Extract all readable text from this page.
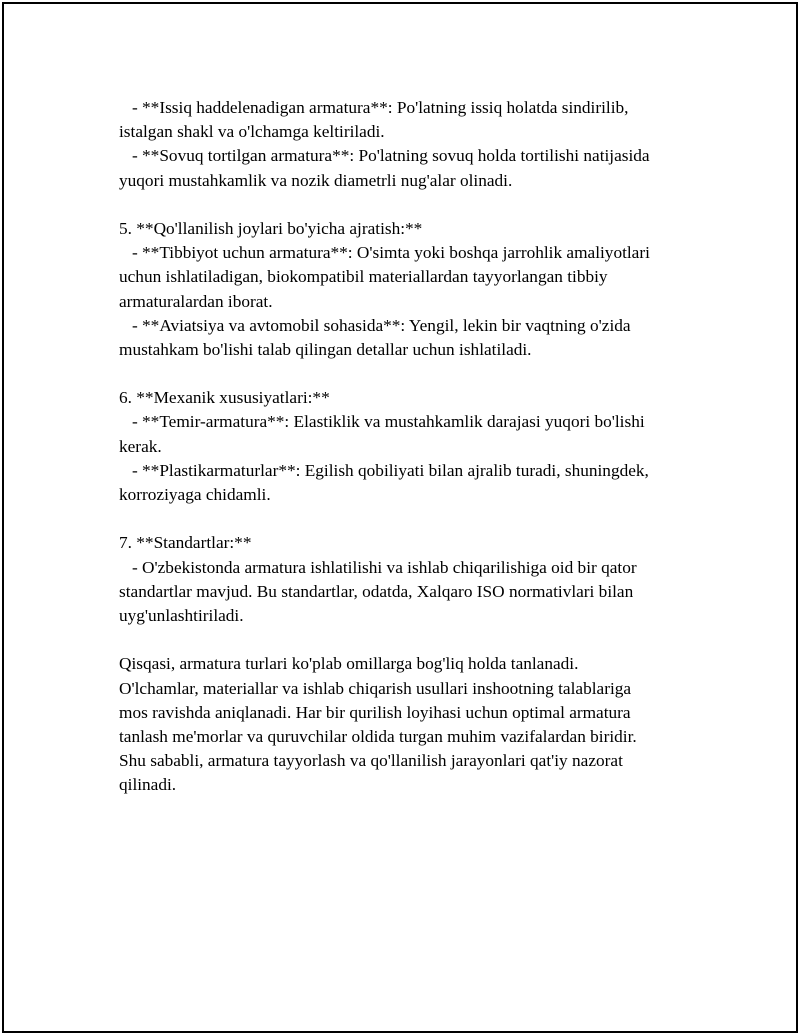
- **Issiq haddelenadigan armatura**: Po'latning issiq holatda sindirilib,
istalgan shakl va o'lchamga keltiriladi.
- **Sovuq tortilgan armatura**: Po'latning sovuq holda tortilishi natijasida
yuqori mustahkamlik va nozik diametrli nug'alar olinadi.
5. **Qo'llanilish joylari bo'yicha ajratish:**
- **Tibbiyot uchun armatura**: O'simta yoki boshqa jarrohlik amaliyotlari
uchun ishlatiladigan, biokompatibil materiallardan tayyorlangan tibbiy
armaturalardan iborat.
- **Aviatsiya va avtomobil sohasida**: Yengil, lekin bir vaqtning o'zida
mustahkam bo'lishi talab qilingan detallar uchun ishlatiladi.
6. **Mexanik xususiyatlari:**
- **Temir-armatura**: Elastiklik va mustahkamlik darajasi yuqori bo'lishi
kerak.
- **Plastikarmaturlar**: Egilish qobiliyati bilan ajralib turadi, shuningdek,
korroziyaga chidamli.
7. **Standartlar:**
- O'zbekistonda armatura ishlatilishi va ishlab chiqarilishiga oid bir qator
standartlar mavjud. Bu standartlar, odatda, Xalqaro ISO normativlari bilan
uyg'unlashtiriladi.
Qisqasi, armatura turlari ko'plab omillarga bog'liq holda tanlanadi.
O'lchamlar, materiallar va ishlab chiqarish usullari inshootning talablariga
mos ravishda aniqlanadi. Har bir qurilish loyihasi uchun optimal armatura
tanlash me'morlar va quruvchilar oldida turgan muhim vazifalardan biridir.
Shu sababli, armatura tayyorlash va qo'llanilish jarayonlari qat'iy nazorat
qilinadi.
